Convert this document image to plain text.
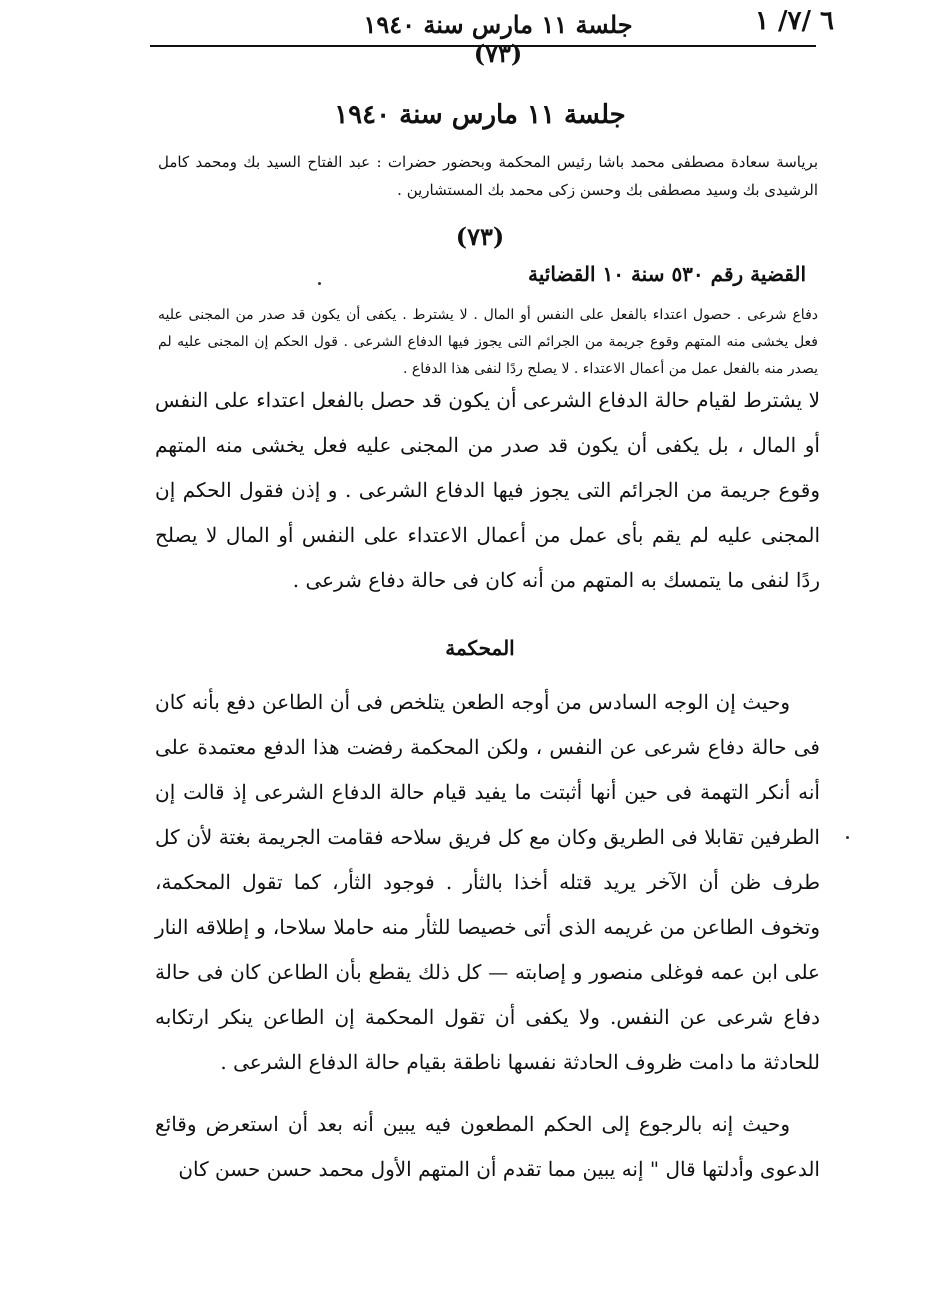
٦ /٧/ ١
جلسة ١١ مارس سنة ١٩٤٠ (٧٣)
جلسة ١١ مارس سنة ١٩٤٠
برياسة سعادة مصطفى محمد باشا رئيس المحكمة وبحضور حضرات : عبد الفتاح السيد بك ومحمد كامل الرشيدى بك وسيد مصطفى بك وحسن زكى محمد بك المستشارين .
(٧٣)
القضية رقم ٥٣٠ سنة ١٠ القضائية
دفاع شرعى . حصول اعتداء بالفعل على النفس أو المال . لا يشترط . يكفى أن يكون قد صدر من المجنى عليه فعل يخشى منه المتهم وقوع جريمة من الجرائم التى يجوز فيها الدفاع الشرعى . قول الحكم إن المجنى عليه لم يصدر منه بالفعل عمل من أعمال الاعتداء . لا يصلح ردًا لنفى هذا الدفاع .
لا يشترط لقيام حالة الدفاع الشرعى أن يكون قد حصل بالفعل اعتداء على النفس أو المال ، بل يكفى أن يكون قد صدر من المجنى عليه فعل يخشى منه المتهم وقوع جريمة من الجرائم التى يجوز فيها الدفاع الشرعى . و إذن فقول الحكم إن المجنى عليه لم يقم بأى عمل من أعمال الاعتداء على النفس أو المال لا يصلح ردًا لنفى ما يتمسك به المتهم من أنه كان فى حالة دفاع شرعى .
المحكمة
وحيث إن الوجه السادس من أوجه الطعن يتلخص فى أن الطاعن دفع بأنه كان فى حالة دفاع شرعى عن النفس ، ولكن المحكمة رفضت هذا الدفع معتمدة على أنه أنكر التهمة فى حين أنها أثبتت ما يفيد قيام حالة الدفاع الشرعى إذ قالت إن الطرفين تقابلا فى الطريق وكان مع كل فريق سلاحه فقامت الجريمة بغتة لأن كل طرف ظن أن الآخر يريد قتله أخذا بالثأر . فوجود الثأر، كما تقول المحكمة، وتخوف الطاعن من غريمه الذى أتى خصيصا للثأر منه حاملا سلاحا، و إطلاقه النار على ابن عمه فوغلى منصور و إصابته — كل ذلك يقطع بأن الطاعن كان فى حالة دفاع شرعى عن النفس. ولا يكفى أن تقول المحكمة إن الطاعن ينكر ارتكابه للحادثة ما دامت ظروف الحادثة نفسها ناطقة بقيام حالة الدفاع الشرعى .
وحيث إنه بالرجوع إلى الحكم المطعون فيه يبين أنه بعد أن استعرض وقائع الدعوى وأدلتها قال " إنه يبين مما تقدم أن المتهم الأول محمد حسن حسن كان
